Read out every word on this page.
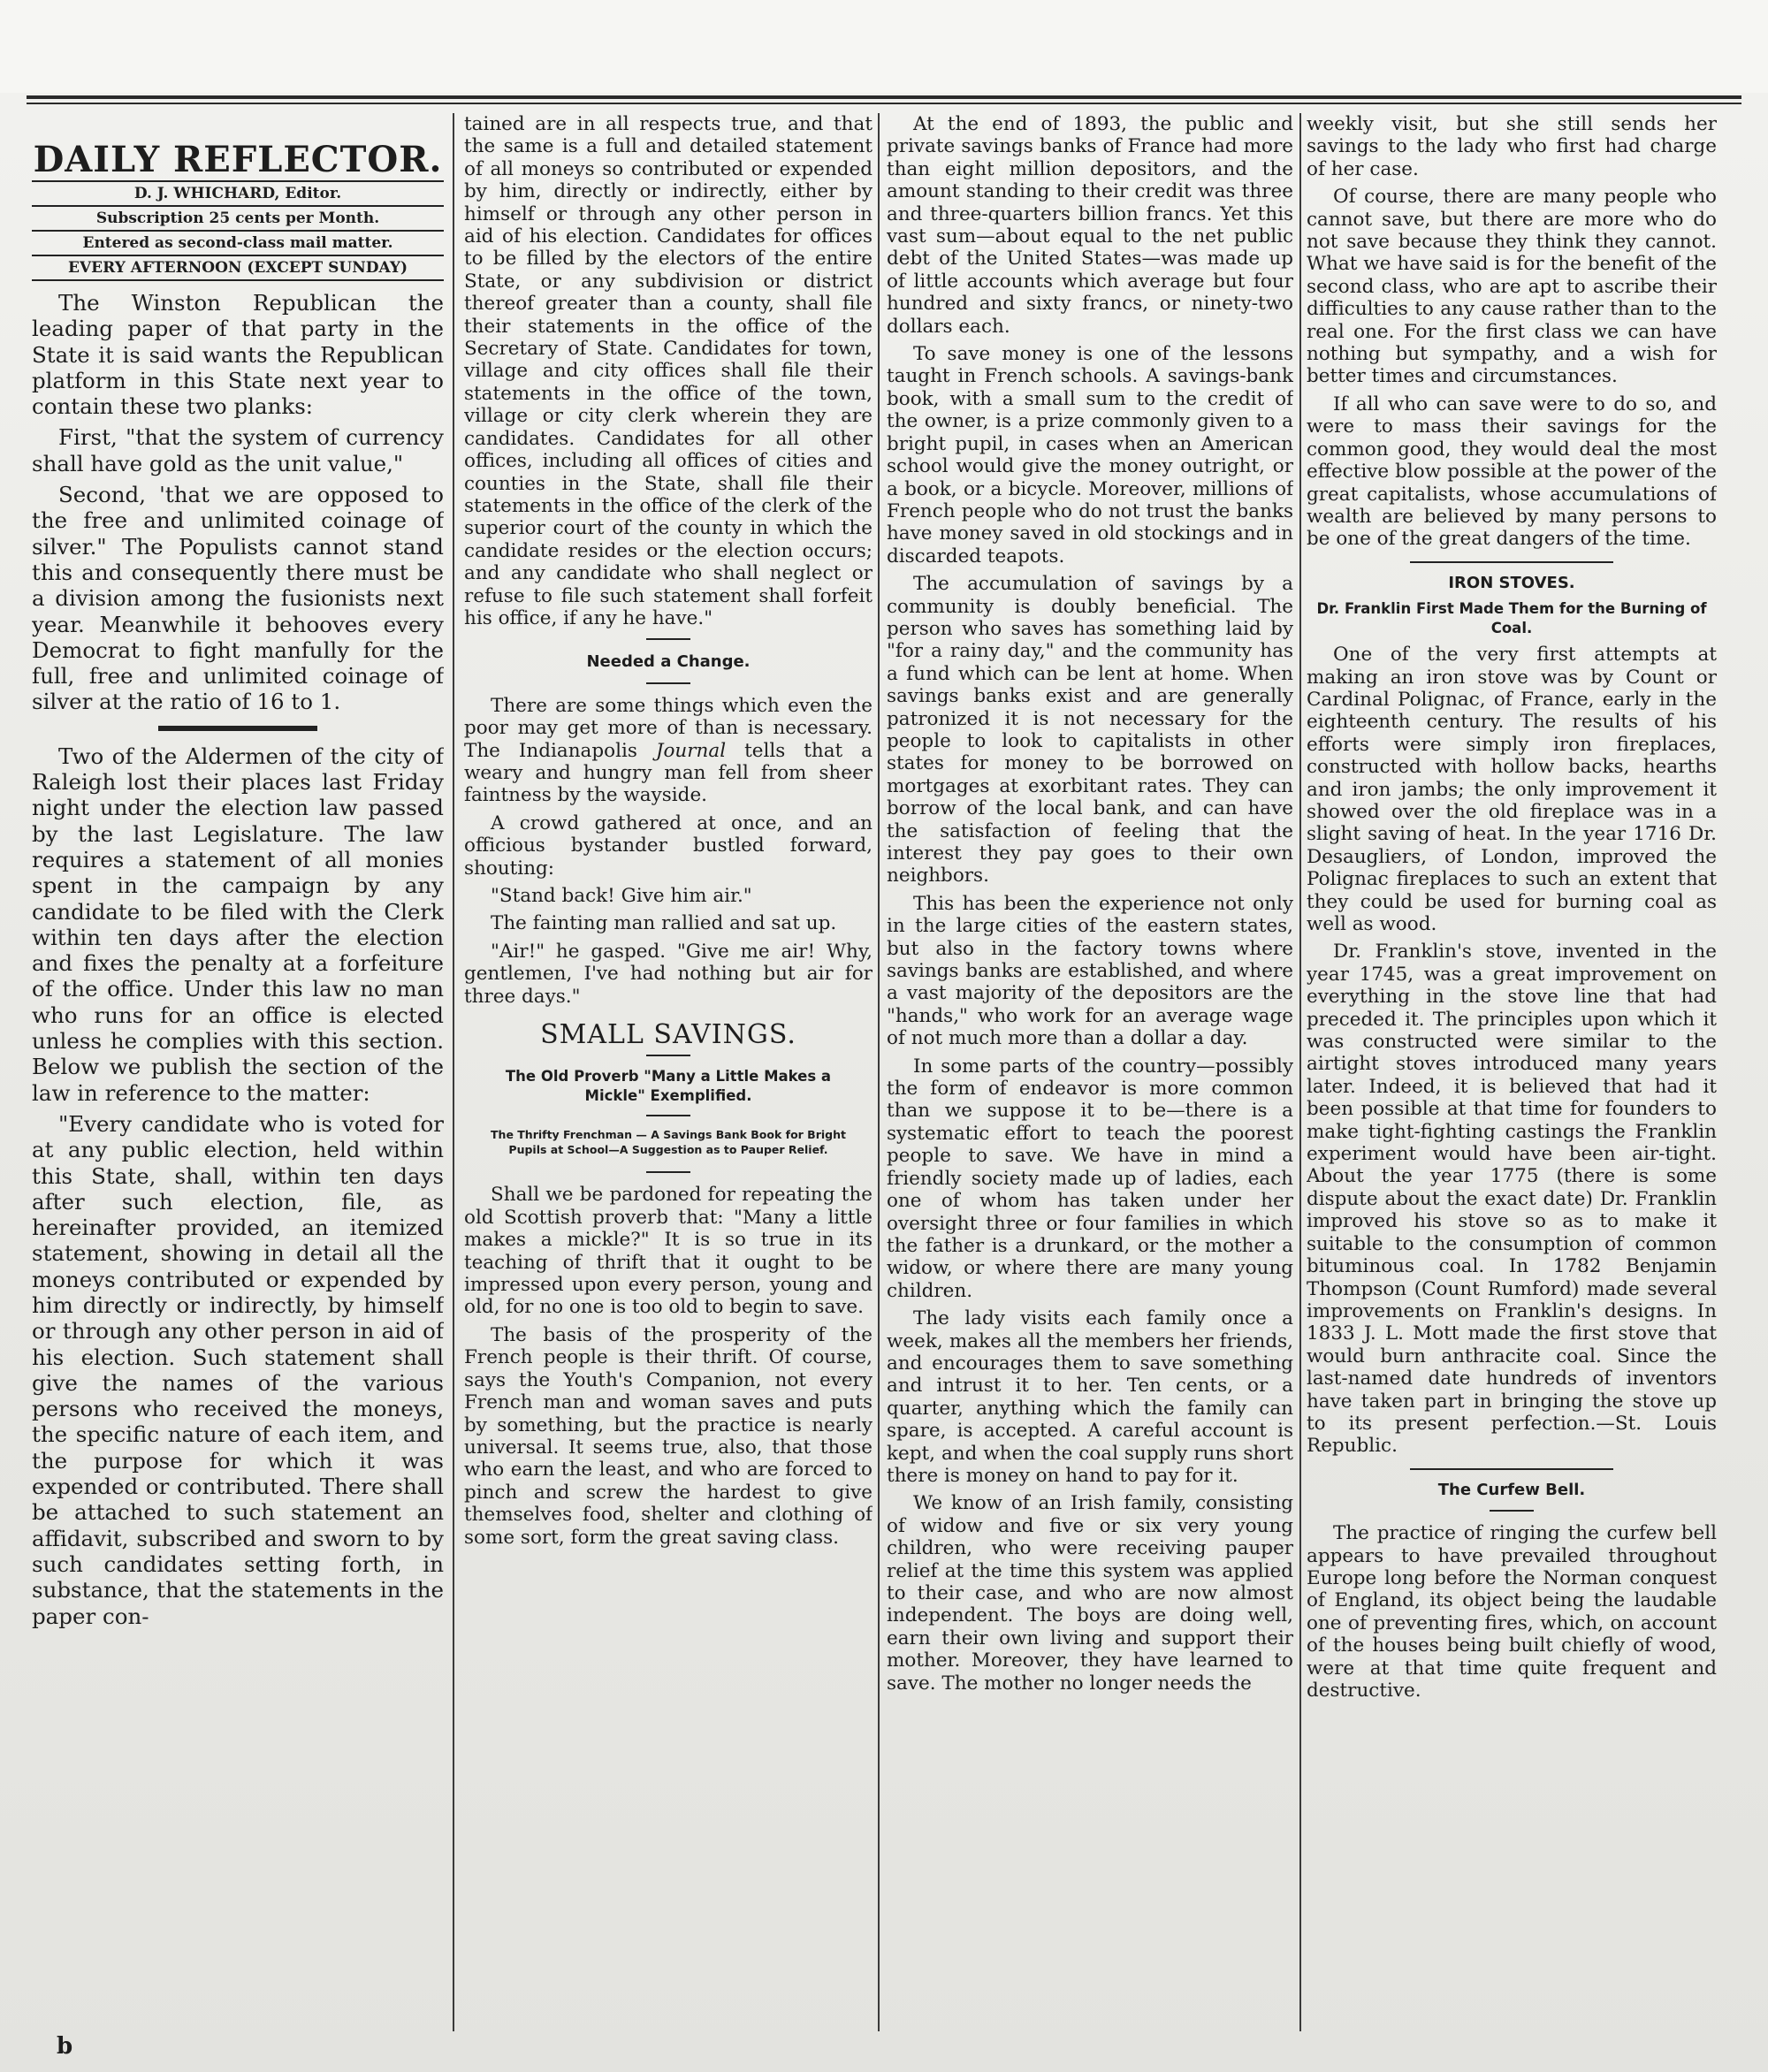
DAILY REFLECTOR.
D. J. WHICHARD, Editor.
Subscription 25 cents per Month.
Entered as second-class mail matter.
EVERY AFTERNOON (EXCEPT SUNDAY)

The Winston Republican the leading paper of that party in the State it is said wants the Republican platform in this State next year to contain these two planks:

First, "that the system of currency shall have gold as the unit value,"

Second, 'that we are opposed to the free and unlimited coinage of silver." The Populists cannot stand this and consequently there must be a division among the fusionists next year. Meanwhile it behooves every Democrat to fight manfully for the full, free and unlimited coinage of silver at the ratio of 16 to 1.

Two of the Aldermen of the city of Raleigh lost their places last Friday night under the election law passed by the last Legislature. The law requires a statement of all monies spent in the campaign by any candidate to be filed with the Clerk within ten days after the election and fixes the penalty at a forfeiture of the office. Under this law no man who runs for an office is elected unless he complies with this section. Below we publish the section of the law in reference to the matter:

"Every candidate who is voted for at any public election, held within this State, shall, within ten days after such election, file, as hereinafter provided, an itemized statement, showing in detail all the moneys contributed or expended by him directly or indirectly, by himself or through any other person in aid of his election. Such statement shall give the names of the various persons who received the moneys, the specific nature of each item, and the purpose for which it was expended or contributed. There shall be attached to such statement an affidavit, subscribed and sworn to by such candidates setting forth, in substance, that the statements in the paper con-

tained are in all respects true, and that the same is a full and detailed statement of all moneys so contributed or expended by him, directly or indirectly, either by himself or through any other person in aid of his election. Candidates for offices to be filled by the electors of the entire State, or any subdivision or district thereof greater than a county, shall file their statements in the office of the Secretary of State. Candidates for town, village and city offices shall file their statements in the office of the town, village or city clerk wherein they are candidates. Candidates for all other offices, including all offices of cities and counties in the State, shall file their statements in the office of the clerk of the superior court of the county in which the candidate resides or the election occurs; and any candidate who shall neglect or refuse to file such statement shall forfeit his office, if any he have."

Needed a Change.

There are some things which even the poor may get more of than is necessary. The Indianapolis Journal tells that a weary and hungry man fell from sheer faintness by the wayside.

A crowd gathered at once, and an officious bystander bustled forward, shouting:

"Stand back! Give him air."

The fainting man rallied and sat up.

"Air!" he gasped. "Give me air! Why, gentlemen, I've had nothing but air for three days."

SMALL SAVINGS.
The Old Proverb "Many a Little Makes a Mickle" Exemplified.
The Thrifty Frenchman — A Savings Bank Book for Bright Pupils at School—A Suggestion as to Pauper Relief.

Shall we be pardoned for repeating the old Scottish proverb that: "Many a little makes a mickle?" It is so true in its teaching of thrift that it ought to be impressed upon every person, young and old, for no one is too old to begin to save.

The basis of the prosperity of the French people is their thrift. Of course, says the Youth's Companion, not every French man and woman saves and puts by something, but the practice is nearly universal. It seems true, also, that those who earn the least, and who are forced to pinch and screw the hardest to give themselves food, shelter and clothing of some sort, form the great saving class.

At the end of 1893, the public and private savings banks of France had more than eight million depositors, and the amount standing to their credit was three and three-quarters billion francs. Yet this vast sum—about equal to the net public debt of the United States—was made up of little accounts which average but four hundred and sixty francs, or ninety-two dollars each.

To save money is one of the lessons taught in French schools. A savings-bank book, with a small sum to the credit of the owner, is a prize commonly given to a bright pupil, in cases when an American school would give the money outright, or a book, or a bicycle. Moreover, millions of French people who do not trust the banks have money saved in old stockings and in discarded teapots.

The accumulation of savings by a community is doubly beneficial. The person who saves has something laid by "for a rainy day," and the community has a fund which can be lent at home. When savings banks exist and are generally patronized it is not necessary for the people to look to capitalists in other states for money to be borrowed on mortgages at exorbitant rates. They can borrow of the local bank, and can have the satisfaction of feeling that the interest they pay goes to their own neighbors.

This has been the experience not only in the large cities of the eastern states, but also in the factory towns where savings banks are established, and where a vast majority of the depositors are the "hands," who work for an average wage of not much more than a dollar a day.

In some parts of the country—possibly the form of endeavor is more common than we suppose it to be—there is a systematic effort to teach the poorest people to save. We have in mind a friendly society made up of ladies, each one of whom has taken under her oversight three or four families in which the father is a drunkard, or the mother a widow, or where there are many young children.

The lady visits each family once a week, makes all the members her friends, and encourages them to save something and intrust it to her. Ten cents, or a quarter, anything which the family can spare, is accepted. A careful account is kept, and when the coal supply runs short there is money on hand to pay for it.

We know of an Irish family, consisting of widow and five or six very young children, who were receiving pauper relief at the time this system was applied to their case, and who are now almost independent. The boys are doing well, earn their own living and support their mother. Moreover, they have learned to save. The mother no longer needs the

weekly visit, but she still sends her savings to the lady who first had charge of her case.

Of course, there are many people who cannot save, but there are more who do not save because they think they cannot. What we have said is for the benefit of the second class, who are apt to ascribe their difficulties to any cause rather than to the real one. For the first class we can have nothing but sympathy, and a wish for better times and circumstances.

If all who can save were to do so, and were to mass their savings for the common good, they would deal the most effective blow possible at the power of the great capitalists, whose accumulations of wealth are believed by many persons to be one of the great dangers of the time.

IRON STOVES.
Dr. Franklin First Made Them for the Burning of Coal.

One of the very first attempts at making an iron stove was by Count or Cardinal Polignac, of France, early in the eighteenth century. The results of his efforts were simply iron fireplaces, constructed with hollow backs, hearths and iron jambs; the only improvement it showed over the old fireplace was in a slight saving of heat. In the year 1716 Dr. Desaugliers, of London, improved the Polignac fireplaces to such an extent that they could be used for burning coal as well as wood.

Dr. Franklin's stove, invented in the year 1745, was a great improvement on everything in the stove line that had preceded it. The principles upon which it was constructed were similar to the airtight stoves introduced many years later. Indeed, it is believed that had it been possible at that time for founders to make tight-fighting castings the Franklin experiment would have been air-tight. About the year 1775 (there is some dispute about the exact date) Dr. Franklin improved his stove so as to make it suitable to the consumption of common bituminous coal. In 1782 Benjamin Thompson (Count Rumford) made several improvements on Franklin's designs. In 1833 J. L. Mott made the first stove that would burn anthracite coal. Since the last-named date hundreds of inventors have taken part in bringing the stove up to its present perfection.—St. Louis Republic.

The Curfew Bell.

The practice of ringing the curfew bell appears to have prevailed throughout Europe long before the Norman conquest of England, its object being the laudable one of preventing fires, which, on account of the houses being built chiefly of wood, were at that time quite frequent and destructive.

b
